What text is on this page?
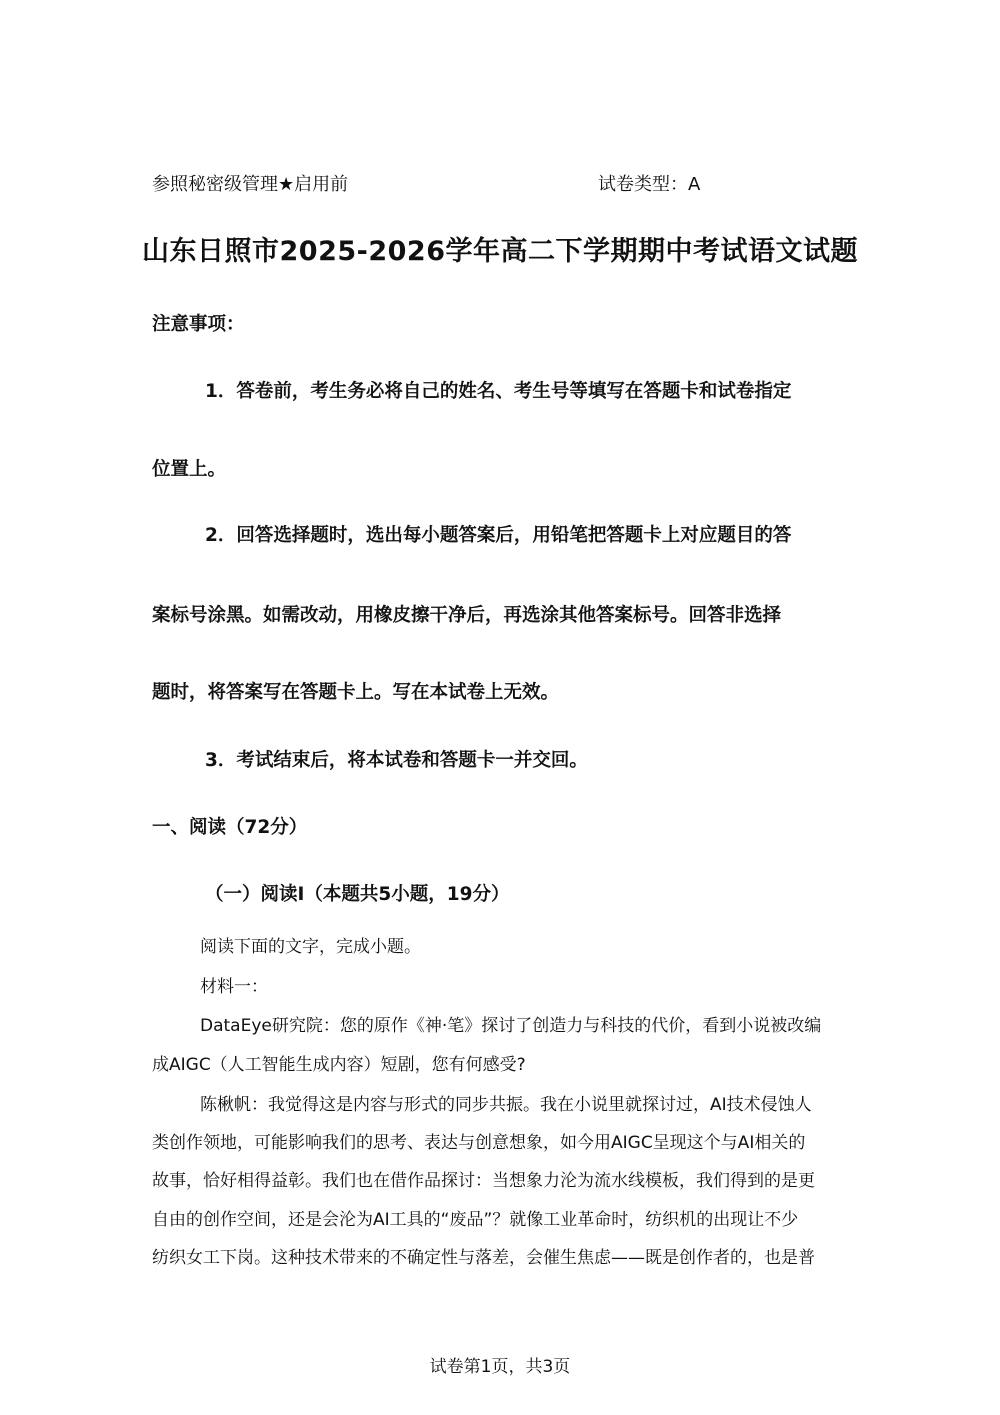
参照秘密级管理★启用前	试卷类型：A

山东日照市2025-2026学年高二下学期期中考试语文试题

注意事项：

1．答卷前，考生务必将自己的姓名、考生号等填写在答题卡和试卷指定

位置上。

2．回答选择题时，选出每小题答案后，用铅笔把答题卡上对应题目的答

案标号涂黑。如需改动，用橡皮擦干净后，再选涂其他答案标号。回答非选择

题时，将答案写在答题卡上。写在本试卷上无效。

3．考试结束后，将本试卷和答题卡一并交回。

一、阅读（72分）

（一）阅读Ⅰ（本题共5小题，19分）

阅读下面的文字，完成小题。

材料一：

DataEye研究院：您的原作《神·笔》探讨了创造力与科技的代价，看到小说被改编

成AIGC（人工智能生成内容）短剧，您有何感受?

陈楸帆：我觉得这是内容与形式的同步共振。我在小说里就探讨过，AI技术侵蚀人

类创作领地，可能影响我们的思考、表达与创意想象，如今用AIGC呈现这个与AI相关的

故事，恰好相得益彰。我们也在借作品探讨：当想象力沦为流水线模板，我们得到的是更

自由的创作空间，还是会沦为AI工具的“废品”？就像工业革命时，纺织机的出现让不少

纺织女工下岗。这种技术带来的不确定性与落差，会催生焦虑——既是创作者的，也是普

试卷第1页，共3页
